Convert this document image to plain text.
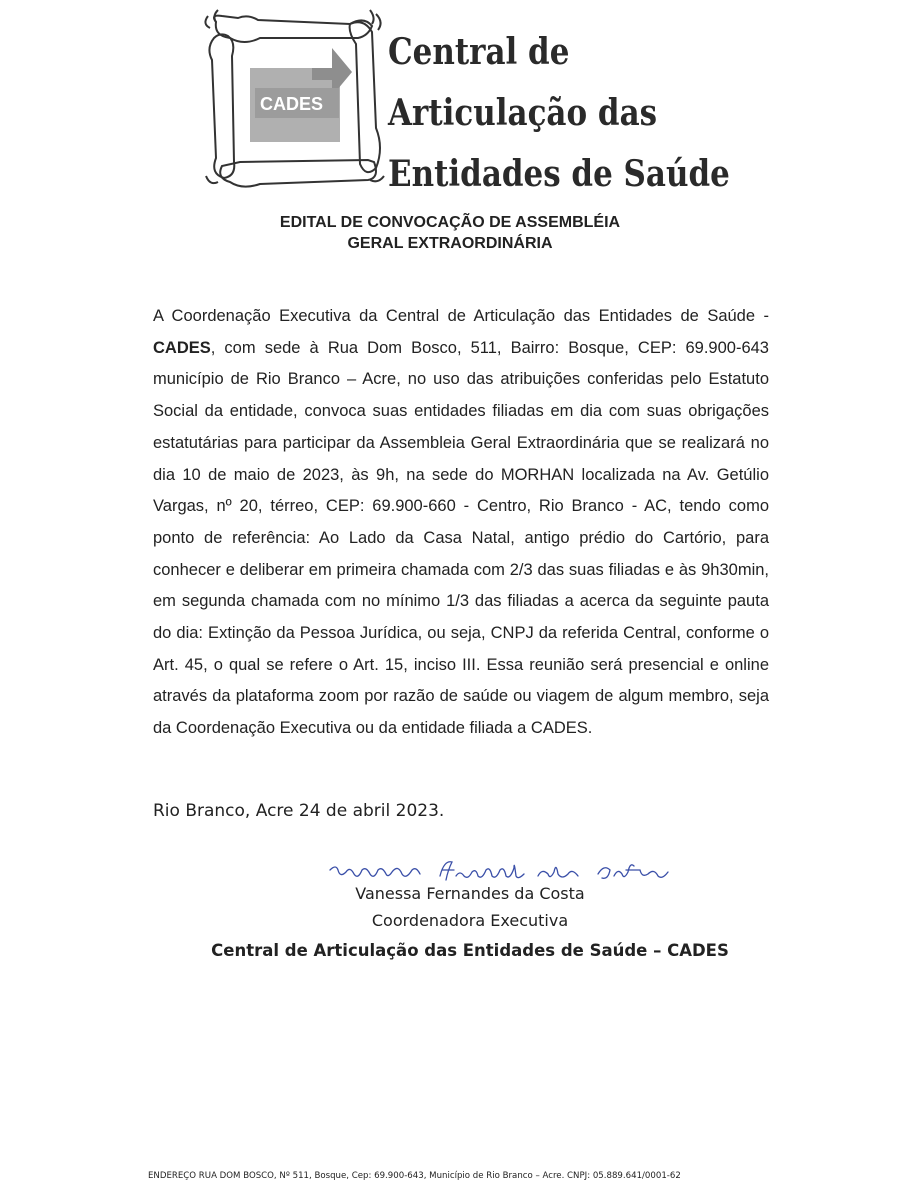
CADES
Central de
Articulação das
Entidades de Saúde
EDITAL DE CONVOCAÇÃO DE ASSEMBLÉIA
GERAL EXTRAORDINÁRIA
A Coordenação Executiva da Central de Articulação das Entidades de Saúde - CADES, com sede à Rua Dom Bosco, 511, Bairro: Bosque, CEP: 69.900-643 município de Rio Branco – Acre, no uso das atribuições conferidas pelo Estatuto Social da entidade, convoca suas entidades filiadas em dia com suas obrigações estatutárias para participar da Assembleia Geral Extraordinária que se realizará no dia 10 de maio de 2023, às 9h, na sede do MORHAN localizada na Av. Getúlio Vargas, nº 20, térreo, CEP: 69.900-660 - Centro, Rio Branco - AC, tendo como ponto de referência: Ao Lado da Casa Natal, antigo prédio do Cartório, para conhecer e deliberar em primeira chamada com 2/3 das suas filiadas e às 9h30min, em segunda chamada com no mínimo 1/3 das filiadas a acerca da seguinte pauta do dia: Extinção da Pessoa Jurídica, ou seja, CNPJ da referida Central, conforme o Art. 45, o qual se refere o Art. 15, inciso III. Essa reunião será presencial e online através da plataforma zoom por razão de saúde ou viagem de algum membro, seja da Coordenação Executiva ou da entidade filiada a CADES.
Rio Branco, Acre 24 de abril 2023.
Vanessa Fernandes da Costa
Coordenadora Executiva
Central de Articulação das Entidades de Saúde – CADES
ENDEREÇO RUA DOM BOSCO, Nº 511, Bosque, Cep: 69.900-643, Município de Rio Branco – Acre. CNPJ: 05.889.641/0001-62
